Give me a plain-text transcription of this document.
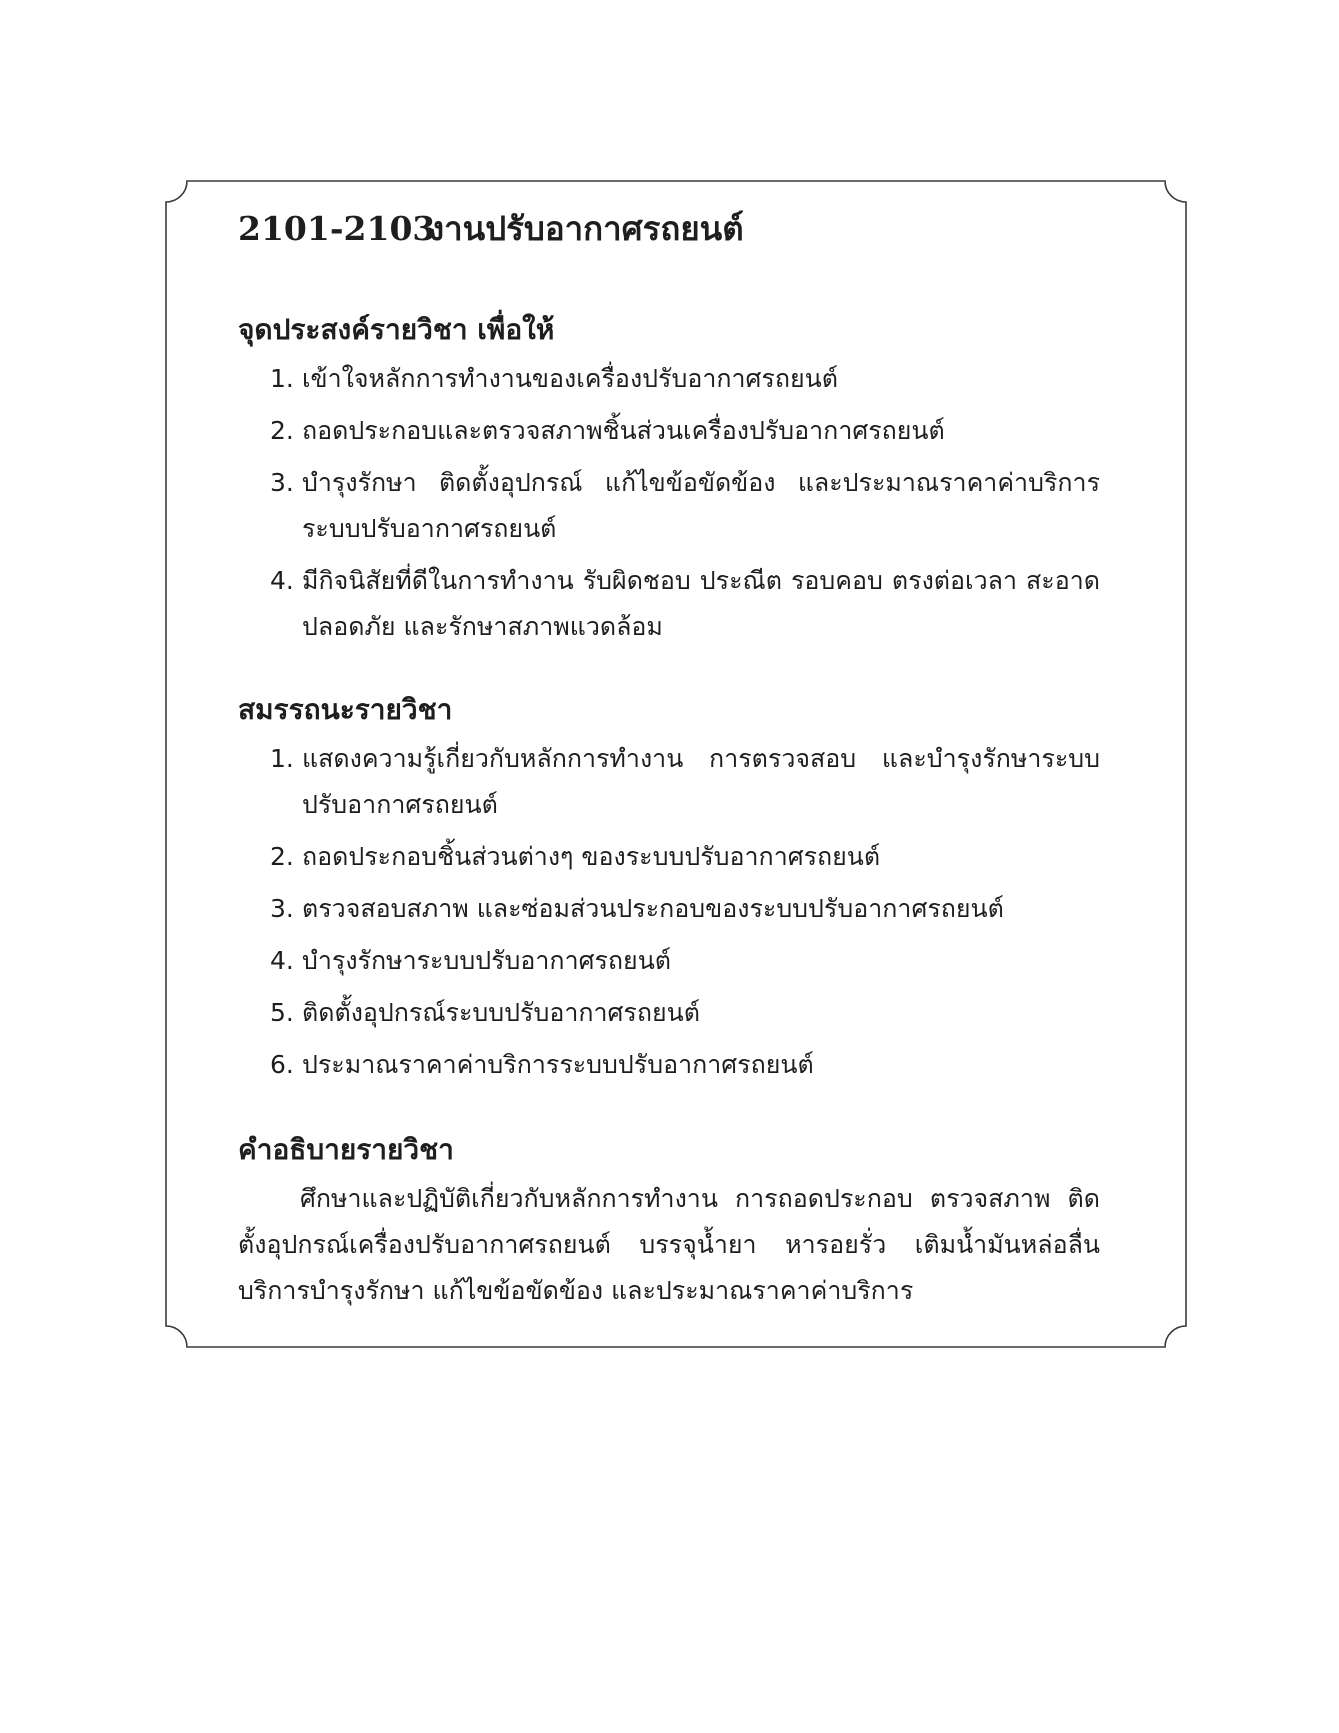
2101-2103งานปรับอากาศรถยนต์
จุดประสงค์รายวิชา เพื่อให้
1. เข้าใจหลักการทำงานของเครื่องปรับอากาศรถยนต์
2. ถอดประกอบและตรวจสภาพชิ้นส่วนเครื่องปรับอากาศรถยนต์
3. บำรุงรักษา ติดตั้งอุปกรณ์ แก้ไขข้อขัดข้อง และประมาณราคาค่าบริการ ระบบปรับอากาศรถยนต์
4. มีกิจนิสัยที่ดีในการทำงาน รับผิดชอบ ประณีต รอบคอบ ตรงต่อเวลา สะอาด ปลอดภัย และรักษาสภาพแวดล้อม
สมรรถนะรายวิชา
1. แสดงความรู้เกี่ยวกับหลักการทำงาน การตรวจสอบ และบำรุงรักษาระบบ ปรับอากาศรถยนต์
2. ถอดประกอบชิ้นส่วนต่างๆ ของระบบปรับอากาศรถยนต์
3. ตรวจสอบสภาพ และซ่อมส่วนประกอบของระบบปรับอากาศรถยนต์
4. บำรุงรักษาระบบปรับอากาศรถยนต์
5. ติดตั้งอุปกรณ์ระบบปรับอากาศรถยนต์
6. ประมาณราคาค่าบริการระบบปรับอากาศรถยนต์
คำอธิบายรายวิชา

ศึกษาและปฏิบัติเกี่ยวกับหลักการทำงาน การถอดประกอบ ตรวจสภาพ ติดตั้งอุปกรณ์เครื่องปรับอากาศรถยนต์ บรรจุน้ำยา หารอยรั่ว เติมน้ำมันหล่อลื่น บริการบำรุงรักษา แก้ไขข้อขัดข้อง และประมาณราคาค่าบริการ
